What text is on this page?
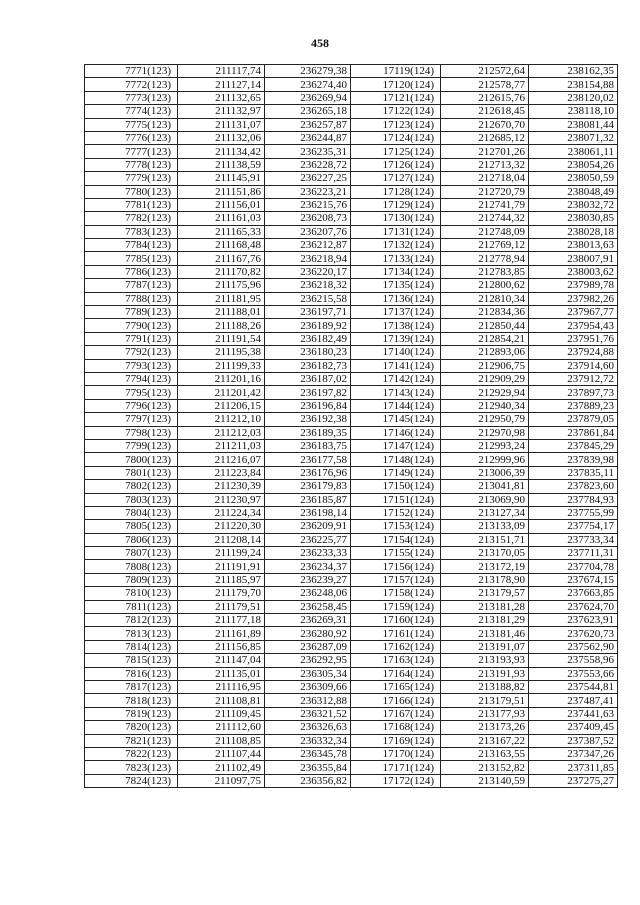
458
7771(123)	211117,74	236279,38	17119(124)	212572,64	238162,35
7772(123)	211127,14	236274,40	17120(124)	212578,77	238154,88
7773(123)	211132,65	236269,94	17121(124)	212615,76	238120,02
7774(123)	211132,97	236265,18	17122(124)	212618,45	238118,10
7775(123)	211131,07	236257,87	17123(124)	212670,70	238081,44
7776(123)	211132,06	236244,87	17124(124)	212685,12	238071,32
7777(123)	211134,42	236235,31	17125(124)	212701,26	238061,11
7778(123)	211138,59	236228,72	17126(124)	212713,32	238054,26
7779(123)	211145,91	236227,25	17127(124)	212718,04	238050,59
7780(123)	211151,86	236223,21	17128(124)	212720,79	238048,49
7781(123)	211156,01	236215,76	17129(124)	212741,79	238032,72
7782(123)	211161,03	236208,73	17130(124)	212744,32	238030,85
7783(123)	211165,33	236207,76	17131(124)	212748,09	238028,18
7784(123)	211168,48	236212,87	17132(124)	212769,12	238013,63
7785(123)	211167,76	236218,94	17133(124)	212778,94	238007,91
7786(123)	211170,82	236220,17	17134(124)	212783,85	238003,62
7787(123)	211175,96	236218,32	17135(124)	212800,62	237989,78
7788(123)	211181,95	236215,58	17136(124)	212810,34	237982,26
7789(123)	211188,01	236197,71	17137(124)	212834,36	237967,77
7790(123)	211188,26	236189,92	17138(124)	212850,44	237954,43
7791(123)	211191,54	236182,49	17139(124)	212854,21	237951,76
7792(123)	211195,38	236180,23	17140(124)	212893,06	237924,88
7793(123)	211199,33	236182,73	17141(124)	212906,75	237914,60
7794(123)	211201,16	236187,02	17142(124)	212909,29	237912,72
7795(123)	211201,42	236197,82	17143(124)	212929,94	237897,73
7796(123)	211206,15	236196,84	17144(124)	212940,34	237889,23
7797(123)	211212,10	236192,38	17145(124)	212950,79	237879,05
7798(123)	211212,03	236189,35	17146(124)	212970,98	237861,84
7799(123)	211211,03	236183,75	17147(124)	212993,24	237845,29
7800(123)	211216,07	236177,58	17148(124)	212999,96	237839,98
7801(123)	211223,84	236176,96	17149(124)	213006,39	237835,11
7802(123)	211230,39	236179,83	17150(124)	213041,81	237823,60
7803(123)	211230,97	236185,87	17151(124)	213069,90	237784,93
7804(123)	211224,34	236198,14	17152(124)	213127,34	237755,99
7805(123)	211220,30	236209,91	17153(124)	213133,09	237754,17
7806(123)	211208,14	236225,77	17154(124)	213151,71	237733,34
7807(123)	211199,24	236233,33	17155(124)	213170,05	237711,31
7808(123)	211191,91	236234,37	17156(124)	213172,19	237704,78
7809(123)	211185,97	236239,27	17157(124)	213178,90	237674,15
7810(123)	211179,70	236248,06	17158(124)	213179,57	237663,85
7811(123)	211179,51	236258,45	17159(124)	213181,28	237624,70
7812(123)	211177,18	236269,31	17160(124)	213181,29	237623,91
7813(123)	211161,89	236280,92	17161(124)	213181,46	237620,73
7814(123)	211156,85	236287,09	17162(124)	213191,07	237562,90
7815(123)	211147,04	236292,95	17163(124)	213193,93	237558,96
7816(123)	211135,01	236305,34	17164(124)	213191,93	237553,66
7817(123)	211116,95	236309,66	17165(124)	213188,82	237544,81
7818(123)	211108,81	236312,88	17166(124)	213179,51	237487,41
7819(123)	211109,45	236321,52	17167(124)	213177,93	237441,63
7820(123)	211112,60	236326,63	17168(124)	213173,26	237409,45
7821(123)	211108,85	236332,34	17169(124)	213167,22	237387,52
7822(123)	211107,44	236345,78	17170(124)	213163,55	237347,26
7823(123)	211102,49	236355,84	17171(124)	213152,82	237311,85
7824(123)	211097,75	236356,82	17172(124)	213140,59	237275,27
